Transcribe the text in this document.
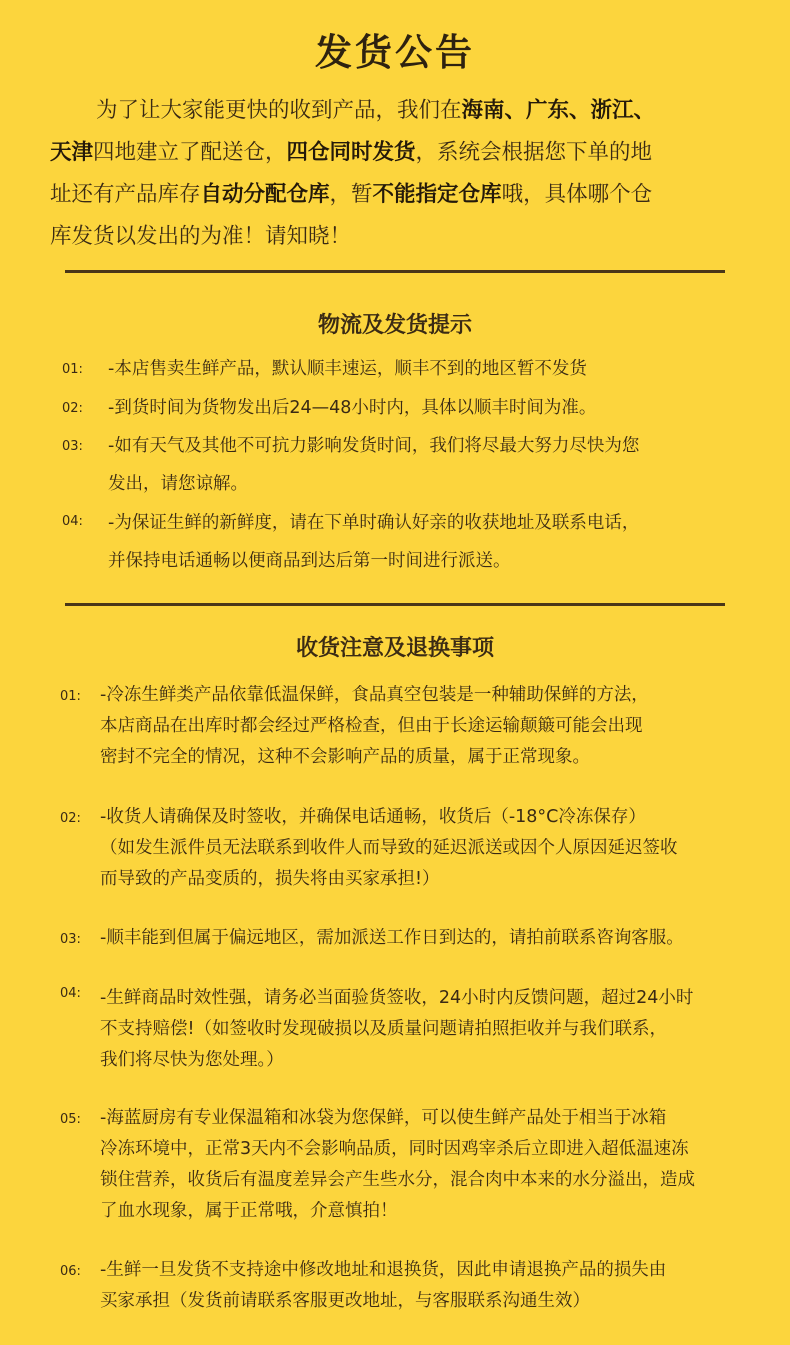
发货公告
为了让大家能更快的收到产品，我们在海南、广东、浙江、
天津四地建立了配送仓，四仓同时发货，系统会根据您下单的地
址还有产品库存自动分配仓库，暂不能指定仓库哦，具体哪个仓
库发货以发出的为准！请知晓！
物流及发货提示
01: -本店售卖生鲜产品，默认顺丰速运，顺丰不到的地区暂不发货
02: -到货时间为货物发出后24—48小时内，具体以顺丰时间为准。
03: -如有天气及其他不可抗力影响发货时间，我们将尽最大努力尽快为您
发出，请您谅解。
04: -为保证生鲜的新鲜度，请在下单时确认好亲的收获地址及联系电话，
并保持电话通畅以便商品到达后第一时间进行派送。
收货注意及退换事项
01: -冷冻生鲜类产品依靠低温保鲜，食品真空包装是一种辅助保鲜的方法，
本店商品在出库时都会经过严格检查，但由于长途运输颠簸可能会出现
密封不完全的情况，这种不会影响产品的质量，属于正常现象。
02: -收货人请确保及时签收，并确保电话通畅，收货后（-18°C冷冻保存）
（如发生派件员无法联系到收件人而导致的延迟派送或因个人原因延迟签收
而导致的产品变质的，损失将由买家承担!）
03: -顺丰能到但属于偏远地区，需加派送工作日到达的，请拍前联系咨询客服。
04: -生鲜商品时效性强，请务必当面验货签收，24小时内反馈问题，超过24小时
不支持赔偿!（如签收时发现破损以及质量问题请拍照拒收并与我们联系，
我们将尽快为您处理。）
05: -海蓝厨房有专业保温箱和冰袋为您保鲜，可以使生鲜产品处于相当于冰箱
冷冻环境中，正常3天内不会影响品质，同时因鸡宰杀后立即进入超低温速冻
锁住营养，收货后有温度差异会产生些水分，混合肉中本来的水分溢出，造成
了血水现象，属于正常哦，介意慎拍！
06: -生鲜一旦发货不支持途中修改地址和退换货，因此申请退换产品的损失由
买家承担（发货前请联系客服更改地址，与客服联系沟通生效）
